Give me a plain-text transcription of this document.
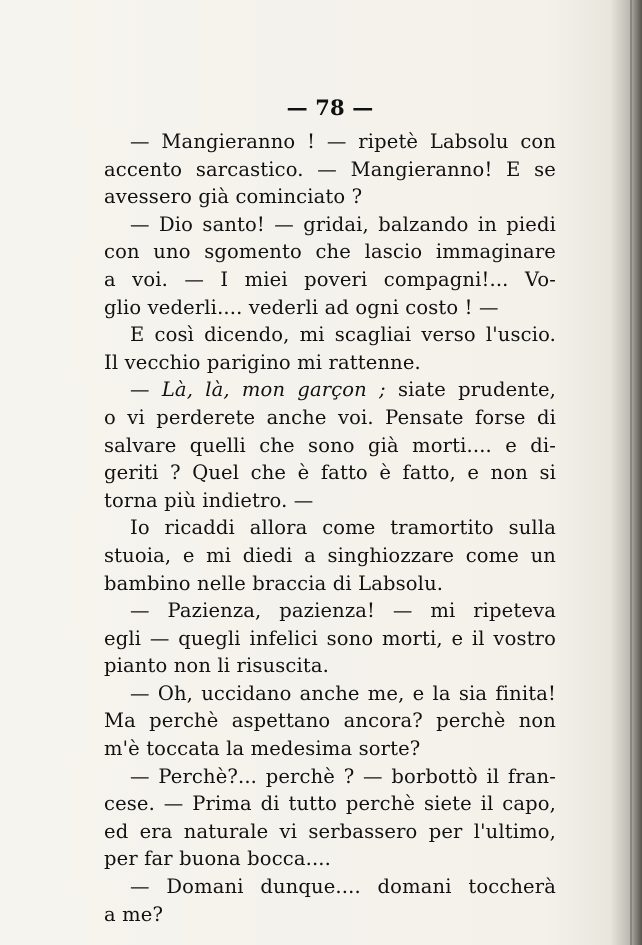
— 78 —
— Mangieranno ! — ripetè Labsolu con
accento sarcastico. — Mangieranno! E se
avessero già cominciato ?
— Dio santo! — gridai, balzando in piedi
con uno sgomento che lascio immaginare
a voi. — I miei poveri compagni!... Vo-
glio vederli.... vederli ad ogni costo ! —
E così dicendo, mi scagliai verso l'uscio.
Il vecchio parigino mi rattenne.
— Là, là, mon garçon ; siate prudente,
o vi perderete anche voi. Pensate forse di
salvare quelli che sono già morti.... e di-
geriti ? Quel che è fatto è fatto, e non si
torna più indietro. —
Io ricaddi allora come tramortito sulla
stuoia, e mi diedi a singhiozzare come un
bambino nelle braccia di Labsolu.
— Pazienza, pazienza! — mi ripeteva
egli — quegli infelici sono morti, e il vostro
pianto non li risuscita.
— Oh, uccidano anche me, e la sia finita!
Ma perchè aspettano ancora? perchè non
m'è toccata la medesima sorte?
— Perchè?... perchè ? — borbottò il fran-
cese. — Prima di tutto perchè siete il capo,
ed era naturale vi serbassero per l'ultimo,
per far buona bocca....
— Domani dunque.... domani toccherà
a me?
